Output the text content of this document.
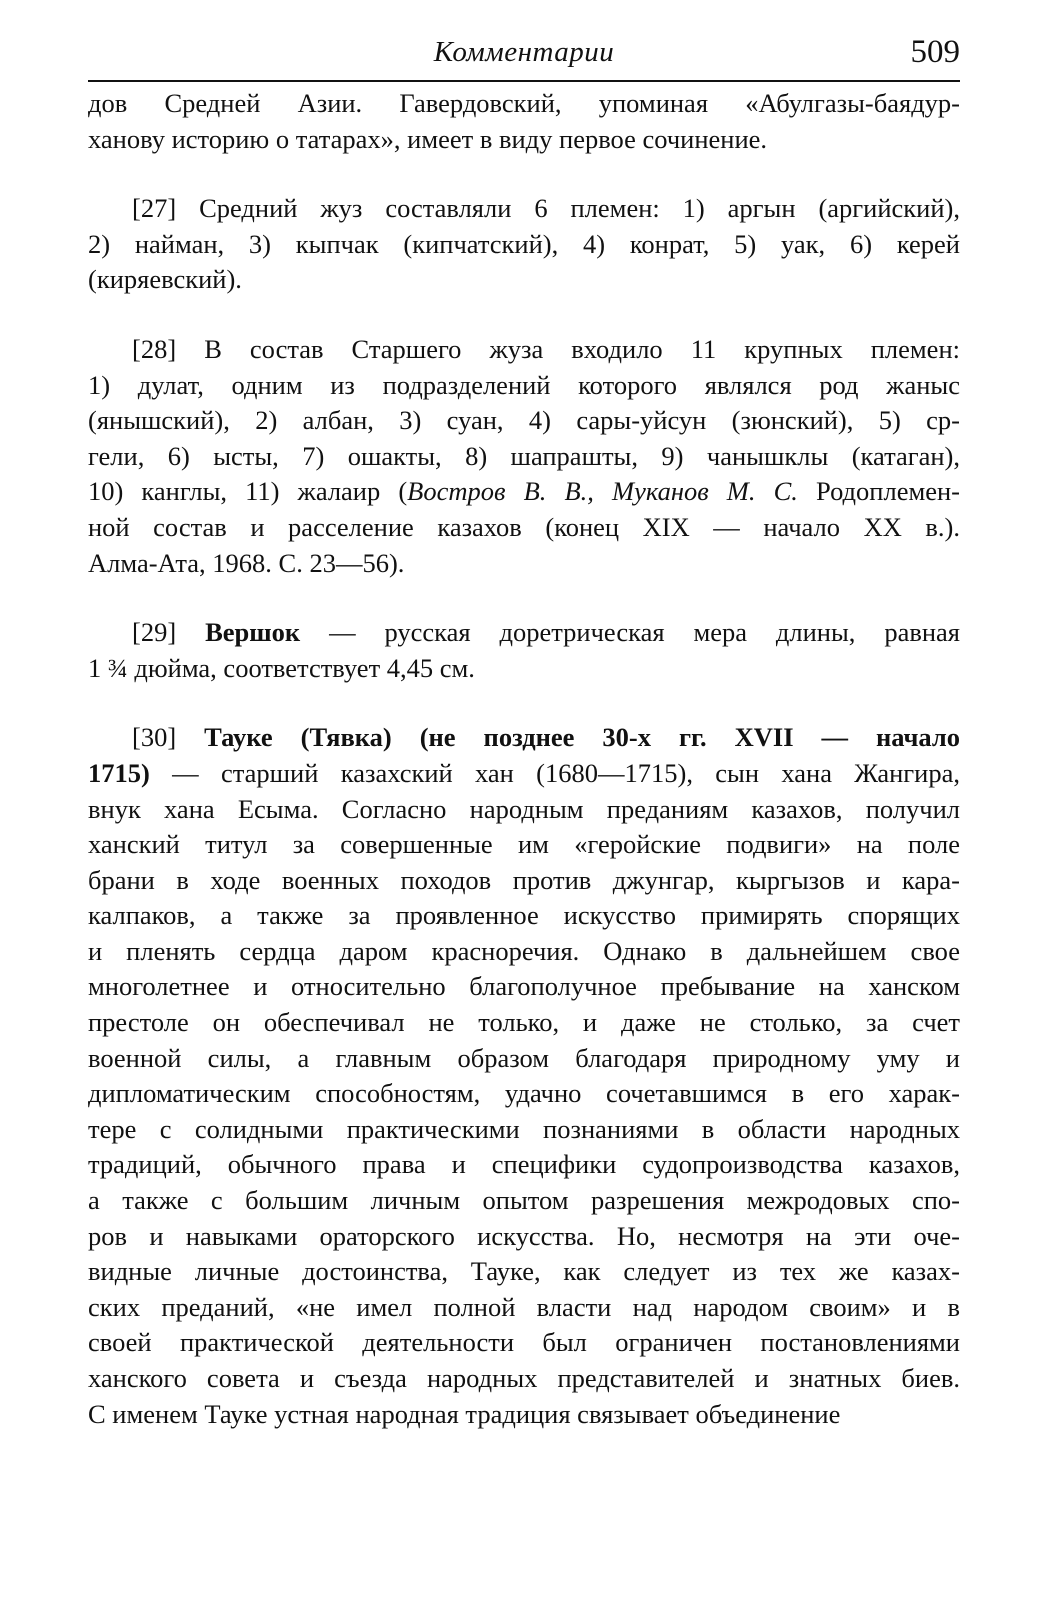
Комментарии	509
дов Средней Азии. Гавердовский, упоминая «Абулгазы-баядур-
ханову историю о татарах», имеет в виду первое сочинение.
[27] Средний жуз составляли 6 племен: 1) аргын (аргийский),
2) найман, 3) кыпчак (кипчатский), 4) конрат, 5) уак, 6) керей
(киряевский).
[28] В состав Старшего жуза входило 11 крупных племен:
1) дулат, одним из подразделений которого являлся род жаныс
(янышский), 2) албан, 3) суан, 4) сары-уйсун (зюнский), 5) ср-
гели, 6) ысты, 7) ошакты, 8) шапрашты, 9) чанышклы (катаган),
10) канглы, 11) жалаир (Востров В. В., Муканов М. С. Родоплемен-
ной состав и расселение казахов (конец XIX — начало XX в.).
Алма-Ата, 1968. С. 23—56).
[29] Вершок — русская доретрическая мера длины, равная
1 ¾ дюйма, соответствует 4,45 см.
[30] Тауке (Тявка) (не позднее 30-х гг. XVII — начало
1715) — старший казахский хан (1680—1715), сын хана Жангира,
внук хана Есыма. Согласно народным преданиям казахов, получил
ханский титул за совершенные им «геройские подвиги» на поле
брани в ходе военных походов против джунгар, кыргызов и кара-
калпаков, а также за проявленное искусство примирять спорящих
и пленять сердца даром красноречия. Однако в дальнейшем свое
многолетнее и относительно благополучное пребывание на ханском
престоле он обеспечивал не только, и даже не столько, за счет
военной силы, а главным образом благодаря природному уму и
дипломатическим способностям, удачно сочетавшимся в его харак-
тере с солидными практическими познаниями в области народных
традиций, обычного права и специфики судопроизводства казахов,
а также с большим личным опытом разрешения межродовых спо-
ров и навыками ораторского искусства. Но, несмотря на эти оче-
видные личные достоинства, Тауке, как следует из тех же казах-
ских преданий, «не имел полной власти над народом своим» и в
своей практической деятельности был ограничен постановлениями
ханского совета и съезда народных представителей и знатных биев.
С именем Тауке устная народная традиция связывает объединение
